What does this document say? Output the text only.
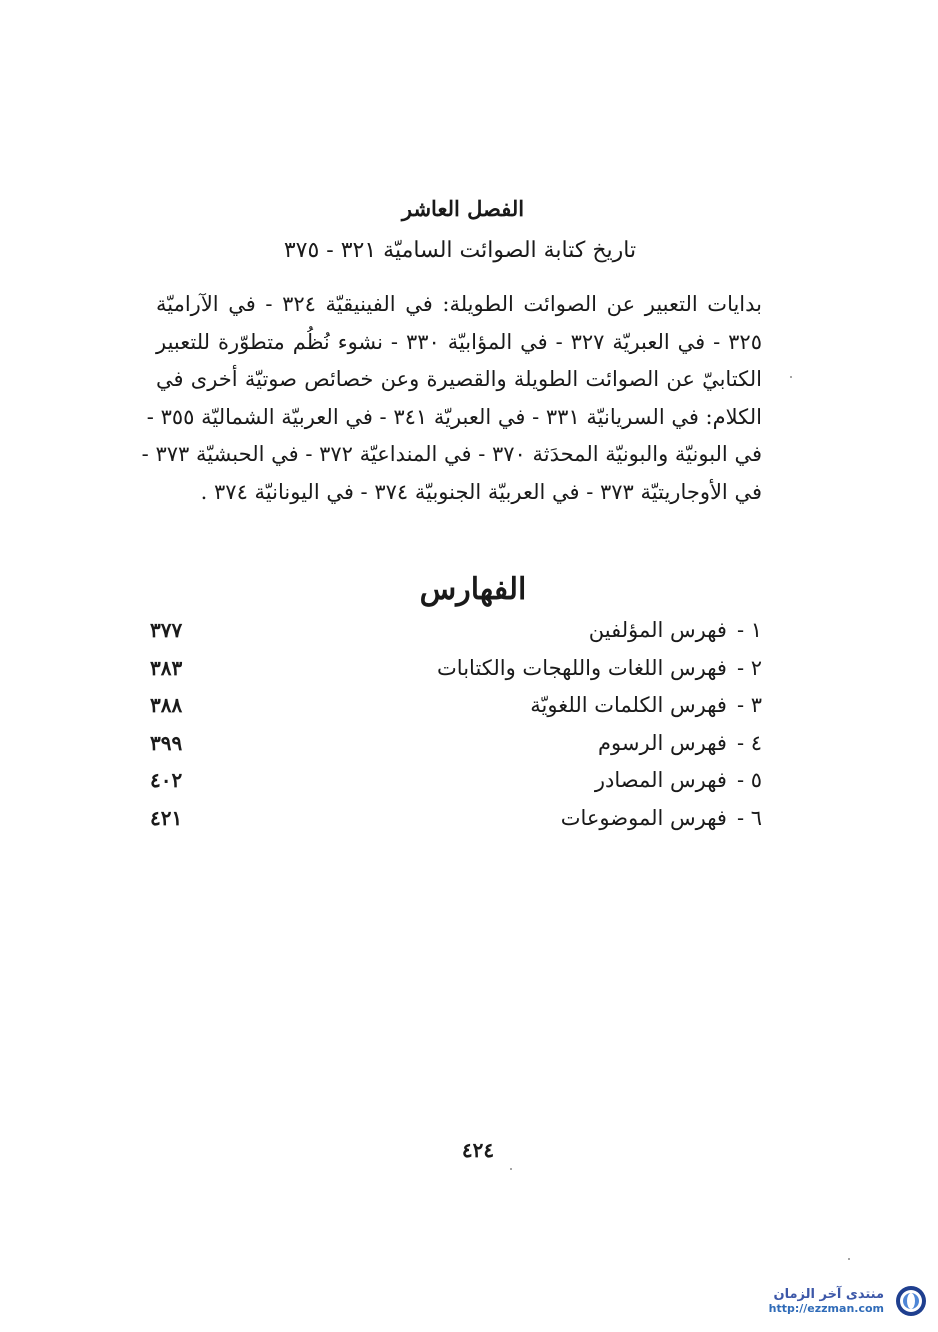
الفصل العاشر
تاريخ كتابة الصوائت الساميّة ٣٢١ - ٣٧٥
بدايات التعبير عن الصوائت الطويلة: في الفينيقيّة ٣٢٤ - في الآراميّة
٣٢٥ - في العبريّة ٣٢٧ - في المؤابيّة ٣٣٠ - نشوء نُظُم متطوّرة للتعبير
الكتابيّ عن الصوائت الطويلة والقصيرة وعن خصائص صوتيّة أخرى في
الكلام: في السريانيّة ٣٣١ - في العبريّة ٣٤١ - في العربيّة الشماليّة ٣٥٥ -
في البونيّة والبونيّة المحدَثة ٣٧٠ - في المنداعيّة ٣٧٢ - في الحبشيّة ٣٧٣ -
في الأوجاريتيّة ٣٧٣ - في العربيّة الجنوبيّة ٣٧٤ - في اليونانيّة ٣٧٤ .
الفهارس
١ -فهرس المؤلفين
٣٧٧
٢ -فهرس اللغات واللهجات والكتابات
٣٨٣
٣ -فهرس الكلمات اللغويّة
٣٨٨
٤ -فهرس الرسوم
٣٩٩
٥ -فهرس المصادر
٤٠٢
٦ -فهرس الموضوعات
٤٢١
٤٢٤
منتدى آخر الزمان
http://ezzman.com
